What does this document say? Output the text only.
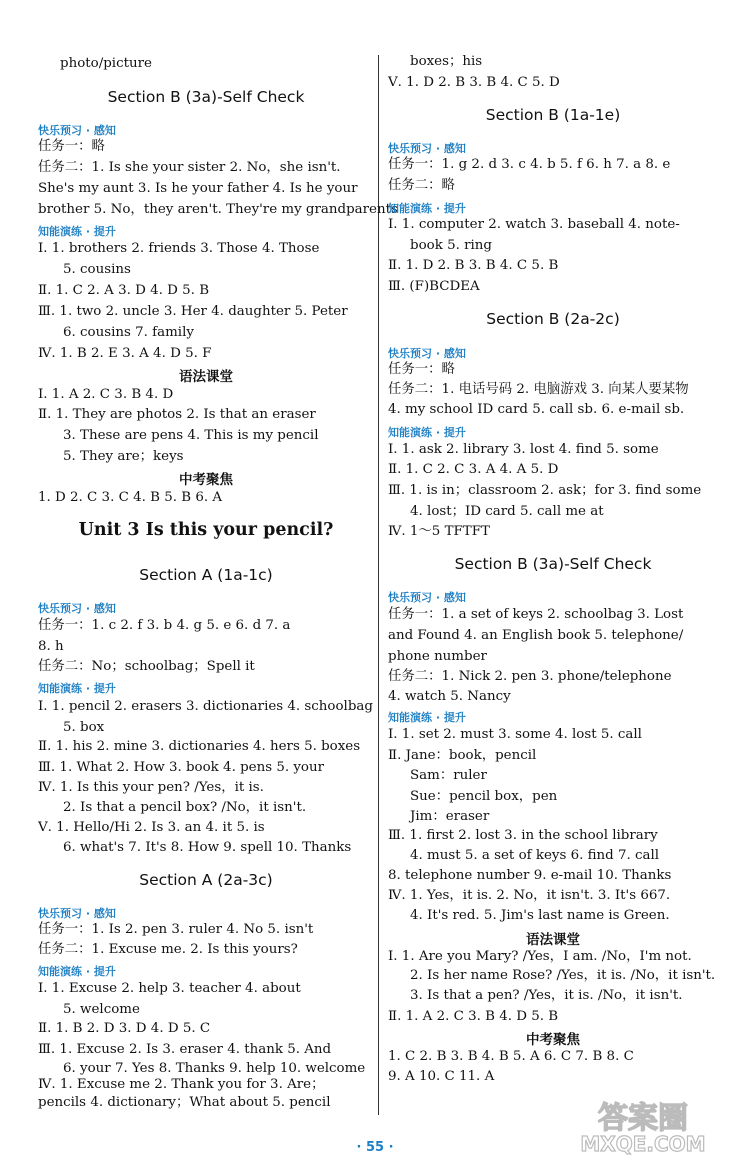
photo/picture
Section B (3a)-Self Check
快乐预习 · 感知
任务一：略
任务二：1. Is she your sister 2. No，she isn't.
She's my aunt 3. Is he your father 4. Is he your
brother 5. No，they aren't. They're my grandparents
知能演练 · 提升
Ⅰ. 1. brothers 2. friends 3. Those 4. Those
5. cousins
Ⅱ. 1. C 2. A 3. D 4. D 5. B
Ⅲ. 1. two 2. uncle 3. Her 4. daughter 5. Peter
6. cousins 7. family
Ⅳ. 1. B 2. E 3. A 4. D 5. F
语法课堂
Ⅰ. 1. A 2. C 3. B 4. D
Ⅱ. 1. They are photos 2. Is that an eraser
3. These are pens 4. This is my pencil
5. They are；keys
中考聚焦
1. D 2. C 3. C 4. B 5. B 6. A
Unit 3 Is this your pencil?
Section A (1a-1c)
快乐预习 · 感知
任务一：1. c 2. f 3. b 4. g 5. e 6. d 7. a
8. h
任务二：No；schoolbag；Spell it
知能演练 · 提升
Ⅰ. 1. pencil 2. erasers 3. dictionaries 4. schoolbag
5. box
Ⅱ. 1. his 2. mine 3. dictionaries 4. hers 5. boxes
Ⅲ. 1. What 2. How 3. book 4. pens 5. your
Ⅳ. 1. Is this your pen? /Yes，it is.
2. Is that a pencil box? /No，it isn't.
Ⅴ. 1. Hello/Hi 2. Is 3. an 4. it 5. is
6. what's 7. It's 8. How 9. spell 10. Thanks
Section A (2a-3c)
快乐预习 · 感知
任务一：1. Is 2. pen 3. ruler 4. No 5. isn't
任务二：1. Excuse me. 2. Is this yours?
知能演练 · 提升
Ⅰ. 1. Excuse 2. help 3. teacher 4. about
5. welcome
Ⅱ. 1. B 2. D 3. D 4. D 5. C
Ⅲ. 1. Excuse 2. Is 3. eraser 4. thank 5. And
6. your 7. Yes 8. Thanks 9. help 10. welcome
Ⅳ. 1. Excuse me 2. Thank you for 3. Are；
pencils 4. dictionary；What about 5. pencil
boxes；his
Ⅴ. 1. D 2. B 3. B 4. C 5. D
Section B (1a-1e)
快乐预习 · 感知
任务一：1. g 2. d 3. c 4. b 5. f 6. h 7. a 8. e
任务二：略
知能演练 · 提升
Ⅰ. 1. computer 2. watch 3. baseball 4. note-
book 5. ring
Ⅱ. 1. D 2. B 3. B 4. C 5. B
Ⅲ. (F)BCDEA
Section B (2a-2c)
快乐预习 · 感知
任务一：略
任务二：1. 电话号码 2. 电脑游戏 3. 向某人要某物
4. my school ID card 5. call sb. 6. e-mail sb.
知能演练 · 提升
Ⅰ. 1. ask 2. library 3. lost 4. find 5. some
Ⅱ. 1. C 2. C 3. A 4. A 5. D
Ⅲ. 1. is in；classroom 2. ask；for 3. find some
4. lost；ID card 5. call me at
Ⅳ. 1～5 TFTFT
Section B (3a)-Self Check
快乐预习 · 感知
任务一：1. a set of keys 2. schoolbag 3. Lost
and Found 4. an English book 5. telephone/
phone number
任务二：1. Nick 2. pen 3. phone/telephone
4. watch 5. Nancy
知能演练 · 提升
Ⅰ. 1. set 2. must 3. some 4. lost 5. call
Ⅱ. Jane：book，pencil
Sam：ruler
Sue：pencil box，pen
Jim：eraser
Ⅲ. 1. first 2. lost 3. in the school library
4. must 5. a set of keys 6. find 7. call
8. telephone number 9. e-mail 10. Thanks
Ⅳ. 1. Yes，it is. 2. No，it isn't. 3. It's 667.
4. It's red. 5. Jim's last name is Green.
语法课堂
Ⅰ. 1. Are you Mary? /Yes，I am. /No，I'm not.
2. Is her name Rose? /Yes，it is. /No，it isn't.
3. Is that a pen? /Yes，it is. /No，it isn't.
Ⅱ. 1. A 2. C 3. B 4. D 5. B
中考聚焦
1. C 2. B 3. B 4. B 5. A 6. C 7. B 8. C
9. A 10. C 11. A
· 55 ·
答案圈
MXQE.COM
